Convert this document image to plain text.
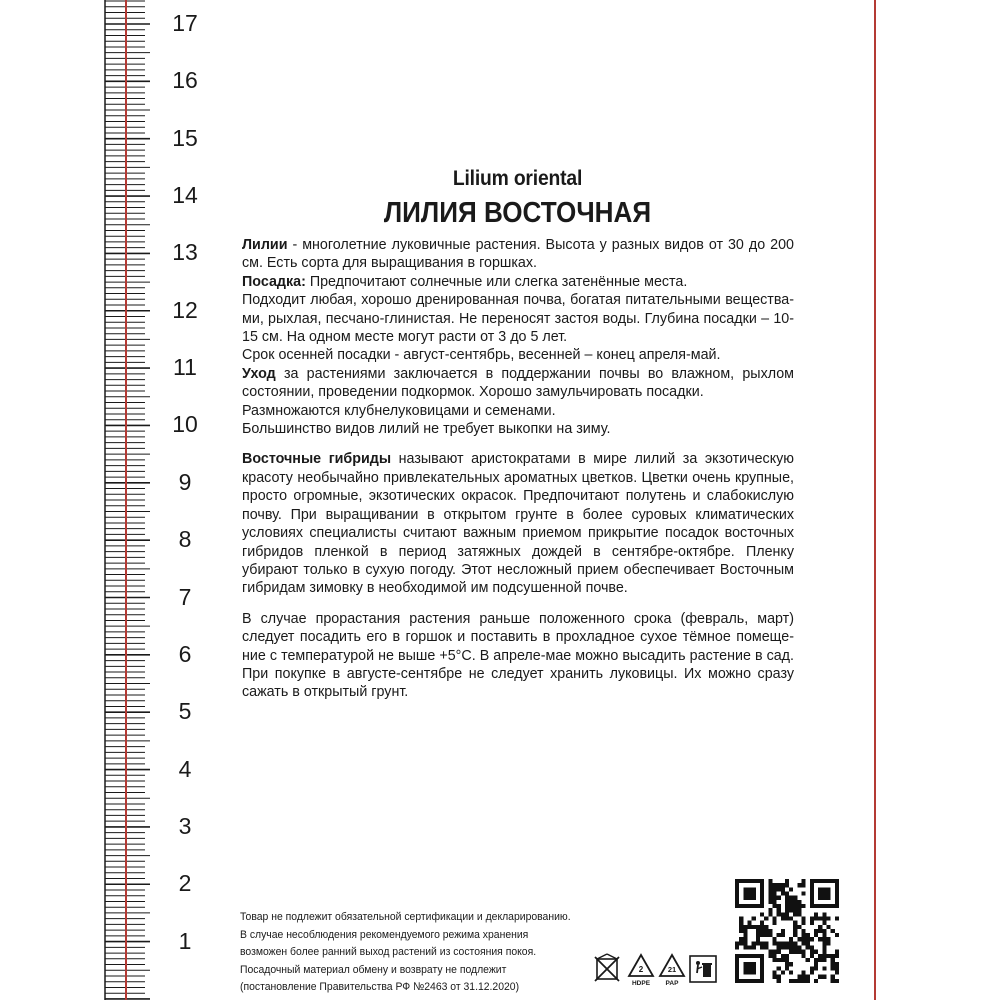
17
16
15
14
13
12
11
10
9
8
7
6
5
4
3
2
1
Lilium oriental
ЛИЛИЯ ВОСТОЧНАЯ

Лилии - многолетние луковичные растения. Высота у разных видов от 30 до 200 см. Есть сорта для выращивания в горшках.

Посадка: Предпочитают солнечные или слегка затенённые места.

Подходит любая, хорошо дренированная почва, богатая питательными вещества-ми, рыхлая, песчано-глинистая. Не переносят застоя воды. Глубина посадки – 10-15 см. На одном месте могут расти от 3 до 5 лет.

Срок осенней посадки - август-сентябрь, весенней – конец апреля-май.

Уход за растениями заключается в поддержании почвы во влажном, рыхлом состоянии, проведении подкормок. Хорошо замульчировать посадки.

Размножаются клубнелуковицами и семенами.

Большинство видов лилий не требует выкопки на зиму.

Восточные гибриды называют аристократами в мире лилий за экзотическую красоту необычайно привлекательных ароматных цветков. Цветки очень крупные, просто огромные, экзотических окрасок. Предпочитают полутень и слабокислую почву. При выращивании в открытом грунте в более суровых климатических условиях специалисты считают важным приемом прикрытие посадок восточных гибридов пленкой в период затяжных дождей в сентябре-октябре. Пленку убирают только в сухую погоду. Этот несложный прием обеспечивает Восточным гибридам зимовку в необходимой им подсушенной почве.

В случае прорастания растения раньше положенного срока (февраль, март) следует посадить его в горшок и поставить в прохладное сухое тёмное помеще-ние с температурой не выше +5°С. В апреле-мае можно высадить растение в сад. При покупке в августе-сентябре не следует хранить луковицы. Их можно сразу сажать в открытый грунт.

Товар не подлежит обязательной сертификации и декларированию.
В случае несоблюдения рекомендуемого режима хранения
возможен более ранний выход растений из состояния покоя.
Посадочный материал обмену и возврату не подлежит
(постановление Правительства РФ №2463 от 31.12.2020)
2
HDPE
21
PAP
